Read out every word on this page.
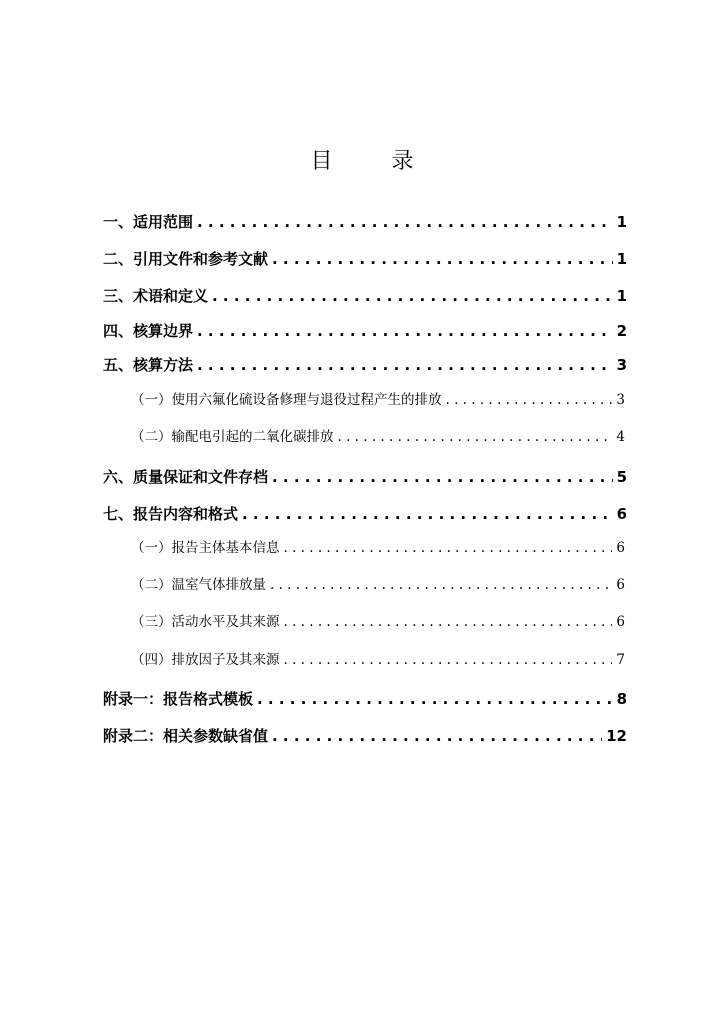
目 录
一、适用范围 . . .	1
二、引用文件和参考文献 . . .	1
三、术语和定义 . . .	1
四、核算边界 . . .	2
五、核算方法 . . .	3
（一）使用六氟化硫设备修理与退役过程产生的排放 . . .	3
（二）输配电引起的二氧化碳排放 . . .	4
六、质量保证和文件存档 . . .	5
七、报告内容和格式 . . .	6
（一）报告主体基本信息 . . .	6
（二）温室气体排放量 . . .	6
（三）活动水平及其来源 . . .	6
（四）排放因子及其来源 . . .	7
附录一：报告格式模板 . . .	8
附录二：相关参数缺省值 . . .	12
